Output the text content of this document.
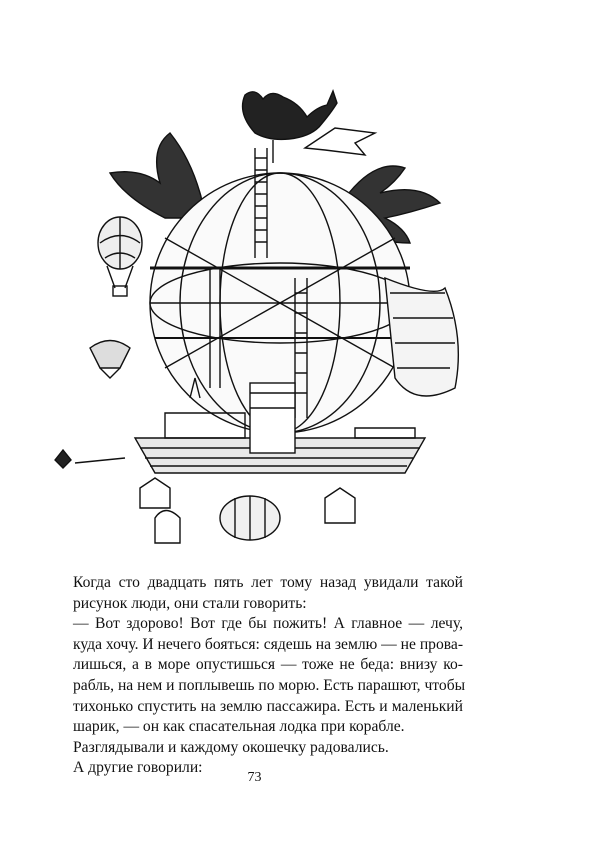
Когда сто двадцать пять лет тому назад увидали такой
рисунок люди, они стали говорить:

— Вот здорово! Вот где бы пожить! А главное — лечу,
куда хочу. И нечего бояться: сядешь на землю — не прова-
лишься, а в море опустишься — тоже не беда: внизу ко-
рабль, на нем и поплывешь по морю. Есть парашют, чтобы
тихонько спустить на землю пассажира. Есть и маленький
шарик, — он как спасательная лодка при корабле.

Разглядывали и каждому окошечку радовались.

А другие говорили:

73
